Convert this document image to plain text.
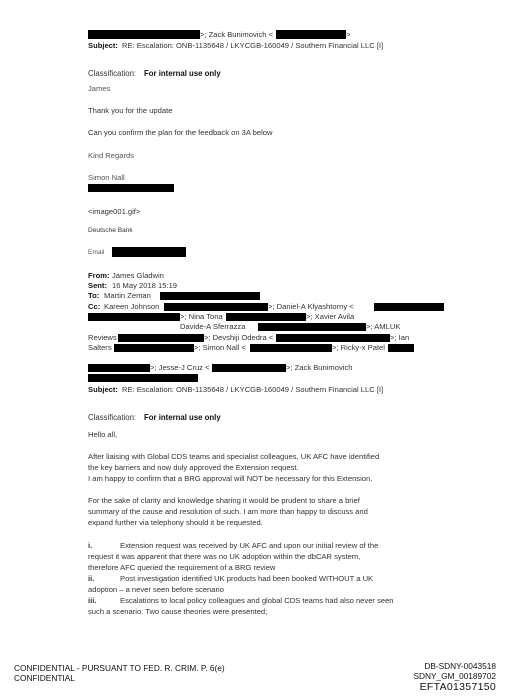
>; Zack Bunimovich <	>
Subject: RE: Escalation: ONB-1135648 / LKYCGB-160049 / Southern Financial LLC [I]
Classification: For internal use only
James
Thank you for the update
Can you confirm the plan for the feedback on 3A below
Kind Regards
Simon Nall
<image001.gif>
Deutsche Bank
Email
From: James Gladwin
Sent: 16 May 2018 15:19
To: Martin Zeman
Cc: Kareen Johnson	>; Daniel-A Klyashtorny <
>; Nina Tona	>; Xavier Avila
Davide-A Sferrazza	>; AMLUK
Reviews	>; Devshiji Odedra <	>; Ian
Salters	>; Simon Nall <	>; Ricky-x Patel
>; Jesse-J Cruz <	>; Zack Bunimovich
Subject: RE: Escalation: ONB-1135648 / LKYCGB-160049 / Southern Financial LLC [I]
Classification: For internal use only
Hello all,
After liaising with Global CDS teams and specialist colleagues, UK AFC have identified
the key barriers and now duly approved the Extension request.
I am happy to confirm that a BRG approval will NOT be necessary for this Extension.
For the sake of clarity and knowledge sharing it would be prudent to share a brief
summary of the cause and resolution of such. I am more than happy to discuss and
expand further via telephony should it be requested.
i.	Extension request was received by UK AFC and upon our initial review of the
request it was apparent that there was no UK adoption within the dbCAR system,
therefore AFC queried the requirement of a BRG review
ii.	Post investigation identified UK products had been booked WITHOUT a UK
adoption – a never seen before scenario
iii.	Escalations to local policy colleagues and global CDS teams had also never seen
such a scenario. Two cause theories were presented;
CONFIDENTIAL - PURSUANT TO FED. R. CRIM. P. 6(e)
CONFIDENTIAL
DB-SDNY-0043518
SDNY_GM_00189702
EFTA01357150
